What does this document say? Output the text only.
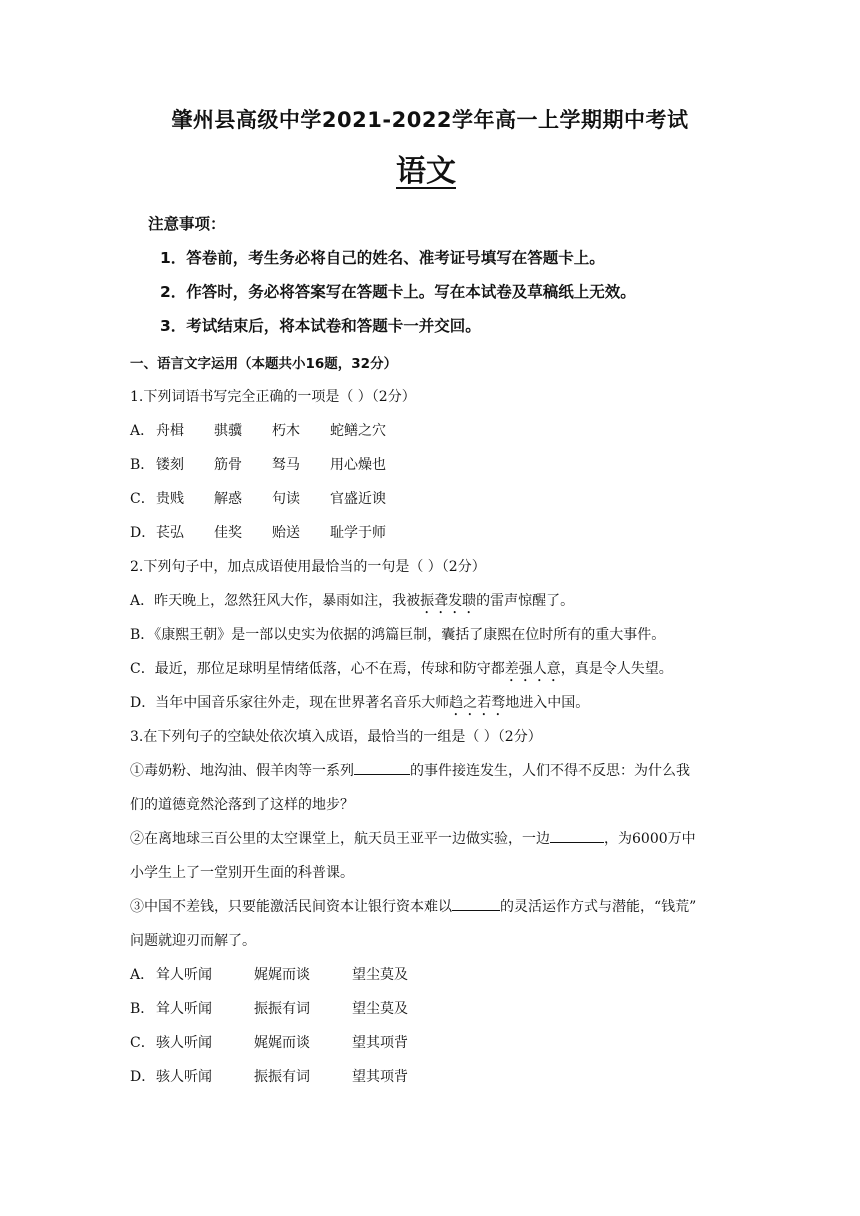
肇州县高级中学2021-2022学年高一上学期期中考试
语文
注意事项：
1．答卷前，考生务必将自己的姓名、准考证号填写在答题卡上。
2．作答时，务必将答案写在答题卡上。写在本试卷及草稿纸上无效。
3．考试结束后，将本试卷和答题卡一并交回。
一、语言文字运用（本题共小16题，32分）
1.下列词语书写完全正确的一项是（ ）（2分）
A． 舟楫 骐骥 朽木 蛇鳝之穴
B． 镂刻 筋骨 驽马 用心燥也
C．贵贱 解惑 句读 官盛近谀
D．苌弘 佳奖 贻送 耻学于师
2.下列句子中，加点成语使用最恰当的一句是（ ）（2分）
A．昨天晚上，忽然狂风大作，暴雨如注，我被振聋发聩的雷声惊醒了。
B．《康熙王朝》是一部以史实为依据的鸿篇巨制，囊括了康熙在位时所有的重大事件。
C．最近，那位足球明星情绪低落，心不在焉，传球和防守都差强人意，真是令人失望。
D．当年中国音乐家往外走，现在世界著名音乐大师趋之若骛地进入中国。
3.在下列句子的空缺处依次填入成语，最恰当的一组是（ ）（2分）
①毒奶粉、地沟油、假羊肉等一系列	的事件接连发生，人们不得不反思：为什么我
们的道德竟然沦落到了这样的地步？
②在离地球三百公里的太空课堂上，航天员王亚平一边做实验，一边	，为6000万中
小学生上了一堂别开生面的科普课。
③中国不差钱，只要能激活民间资本让银行资本难以	的灵活运作方式与潜能，“钱荒”
问题就迎刃而解了。
A． 耸人听闻	娓娓而谈	望尘莫及
B． 耸人听闻	振振有词	望尘莫及
C．骇人听闻	娓娓而谈	望其项背
D．骇人听闻	振振有词	望其项背
